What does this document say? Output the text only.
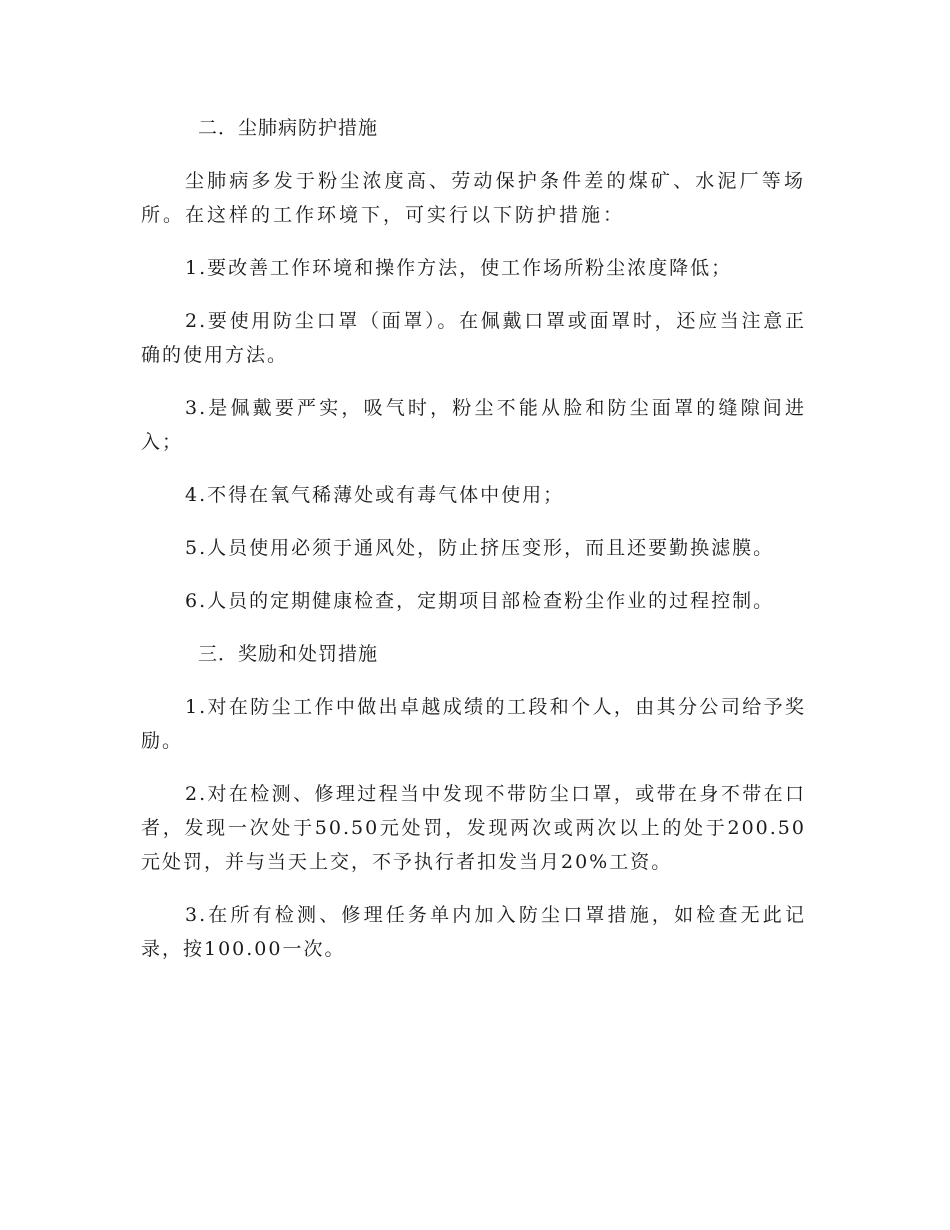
二．尘肺病防护措施
尘肺病多发于粉尘浓度高、劳动保护条件差的煤矿、水泥厂等场所。在这样的工作环境下，可实行以下防护措施：
1.要改善工作环境和操作方法，使工作场所粉尘浓度降低；
2.要使用防尘口罩（面罩）。在佩戴口罩或面罩时，还应当注意正确的使用方法。
3.是佩戴要严实，吸气时，粉尘不能从脸和防尘面罩的缝隙间进入；
4.不得在氧气稀薄处或有毒气体中使用；
5.人员使用必须于通风处，防止挤压变形，而且还要勤换滤膜。
6.人员的定期健康检查，定期项目部检查粉尘作业的过程控制。
三．奖励和处罚措施
1.对在防尘工作中做出卓越成绩的工段和个人，由其分公司给予奖励。
2.对在检测、修理过程当中发现不带防尘口罩，或带在身不带在口者，发现一次处于50.50元处罚，发现两次或两次以上的处于200.50元处罚，并与当天上交，不予执行者扣发当月20%工资。
3.在所有检测、修理任务单内加入防尘口罩措施，如检查无此记录，按100.00一次。
